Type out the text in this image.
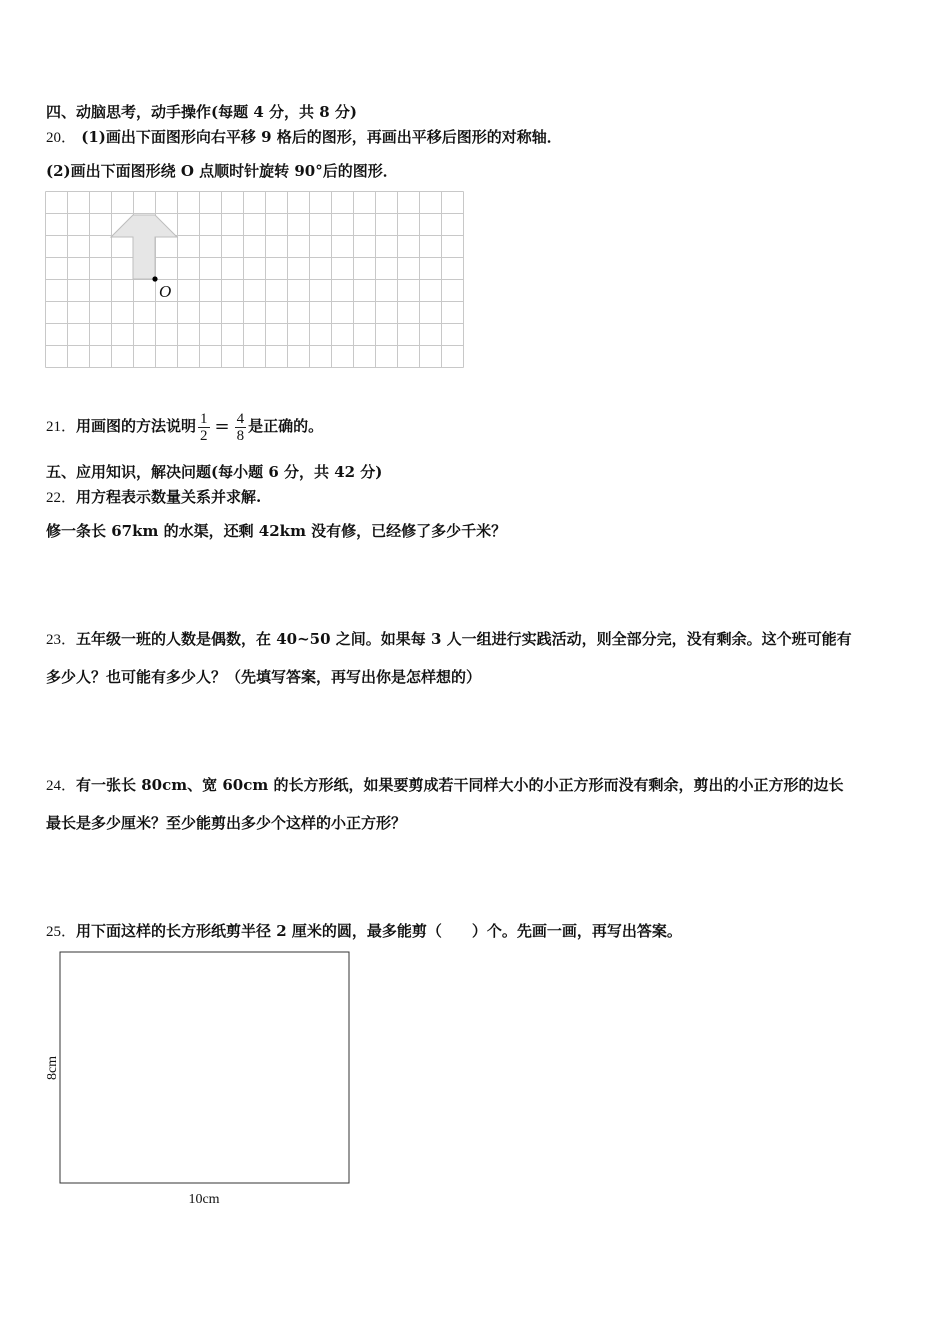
四、动脑思考，动手操作(每题 4 分，共 8 分)
20． (1)画出下面图形向右平移 9 格后的图形，再画出平移后图形的对称轴．
(2)画出下面图形绕 O 点顺时针旋转 90°后的图形．
O
21．用画图的方法说明 $\frac{1}{2} = \frac{4}{8}$ 是正确的。
五、应用知识，解决问题(每小题 6 分，共 42 分)
22．用方程表示数量关系并求解.
修一条长 67km 的水渠，还剩 42km 没有修，已经修了多少千米？
23．五年级一班的人数是偶数，在 40~50 之间。如果每 3 人一组进行实践活动，则全部分完，没有剩余。这个班可能有
多少人？也可能有多少人？（先填写答案，再写出你是怎样想的）
24．有一张长 80cm、宽 60cm 的长方形纸，如果要剪成若干同样大小的小正方形而没有剩余，剪出的小正方形的边长
最长是多少厘米？至少能剪出多少个这样的小正方形？
25．用下面这样的长方形纸剪半径 2 厘米的圆，最多能剪（　　）个。先画一画，再写出答案。
8cm
10cm
